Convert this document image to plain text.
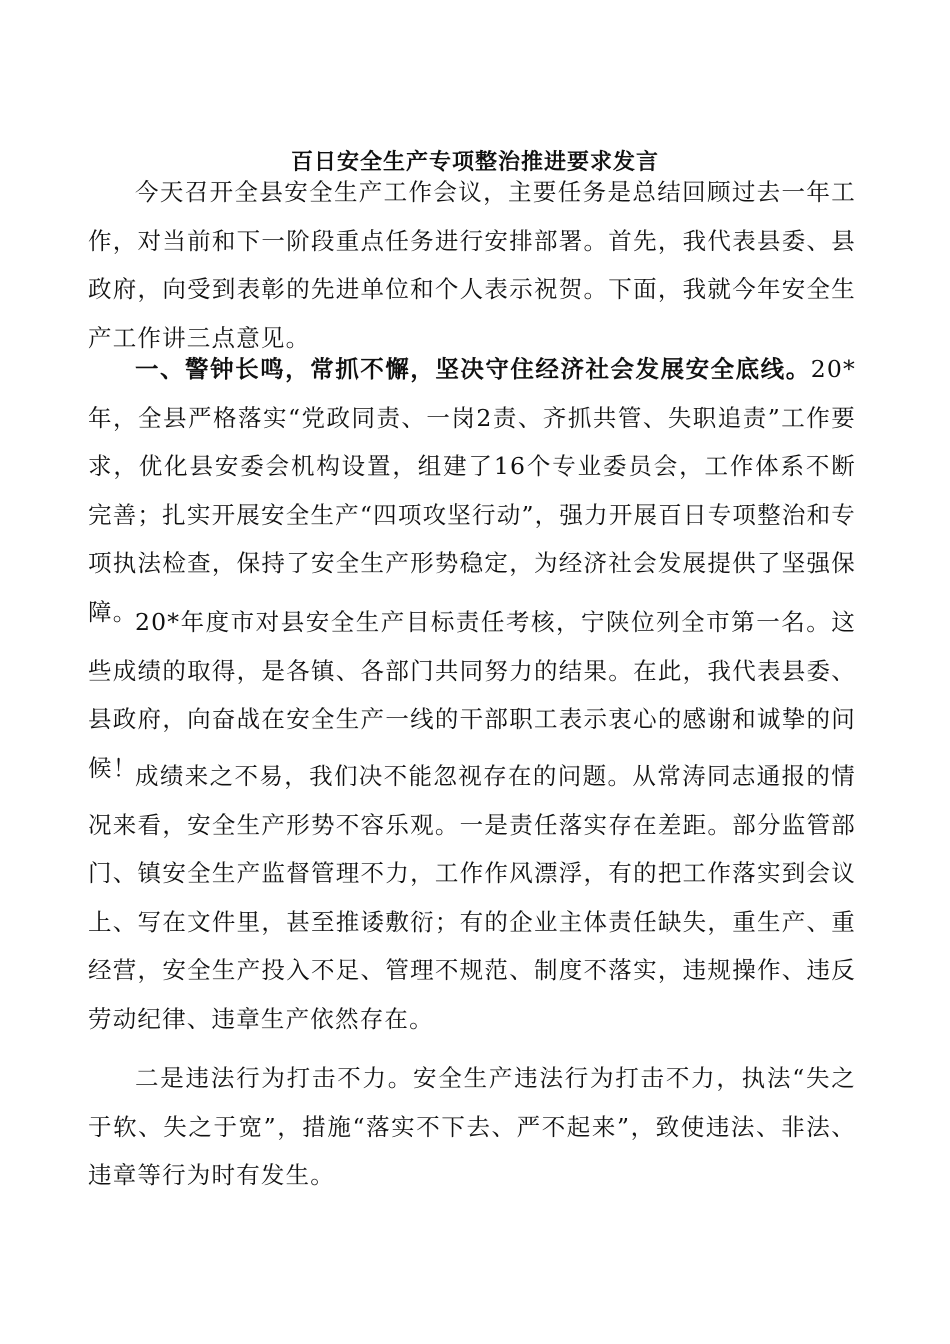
百日安全生产专项整治推进要求发言

今天召开全县安全生产工作会议，主要任务是总结回顾过去一年工作，对当前和下一阶段重点任务进行安排部署。首先，我代表县委、县政府，向受到表彰的先进单位和个人表示祝贺。下面，我就今年安全生产工作讲三点意见。

一、警钟长鸣，常抓不懈，坚决守住经济社会发展安全底线。20*年，全县严格落实“党政同责、一岗2责、齐抓共管、失职追责”工作要求，优化县安委会机构设置，组建了16个专业委员会，工作体系不断完善；扎实开展安全生产“四项攻坚行动”，强力开展百日专项整治和专项执法检查，保持了安全生产形势稳定，为经济社会发展提供了坚强保障。

20*年度市对县安全生产目标责任考核，宁陕位列全市第一名。这些成绩的取得，是各镇、各部门共同努力的结果。在此，我代表县委、县政府，向奋战在安全生产一线的干部职工表示衷心的感谢和诚挚的问候！

成绩来之不易，我们决不能忽视存在的问题。从常涛同志通报的情况来看，安全生产形势不容乐观。一是责任落实存在差距。部分监管部门、镇安全生产监督管理不力，工作作风漂浮，有的把工作落实到会议上、写在文件里，甚至推诿敷衍；有的企业主体责任缺失，重生产、重经营，安全生产投入不足、管理不规范、制度不落实，违规操作、违反劳动纪律、违章生产依然存在。

二是违法行为打击不力。安全生产违法行为打击不力，执法“失之于软、失之于宽”，措施“落实不下去、严不起来”，致使违法、非法、违章等行为时有发生。
